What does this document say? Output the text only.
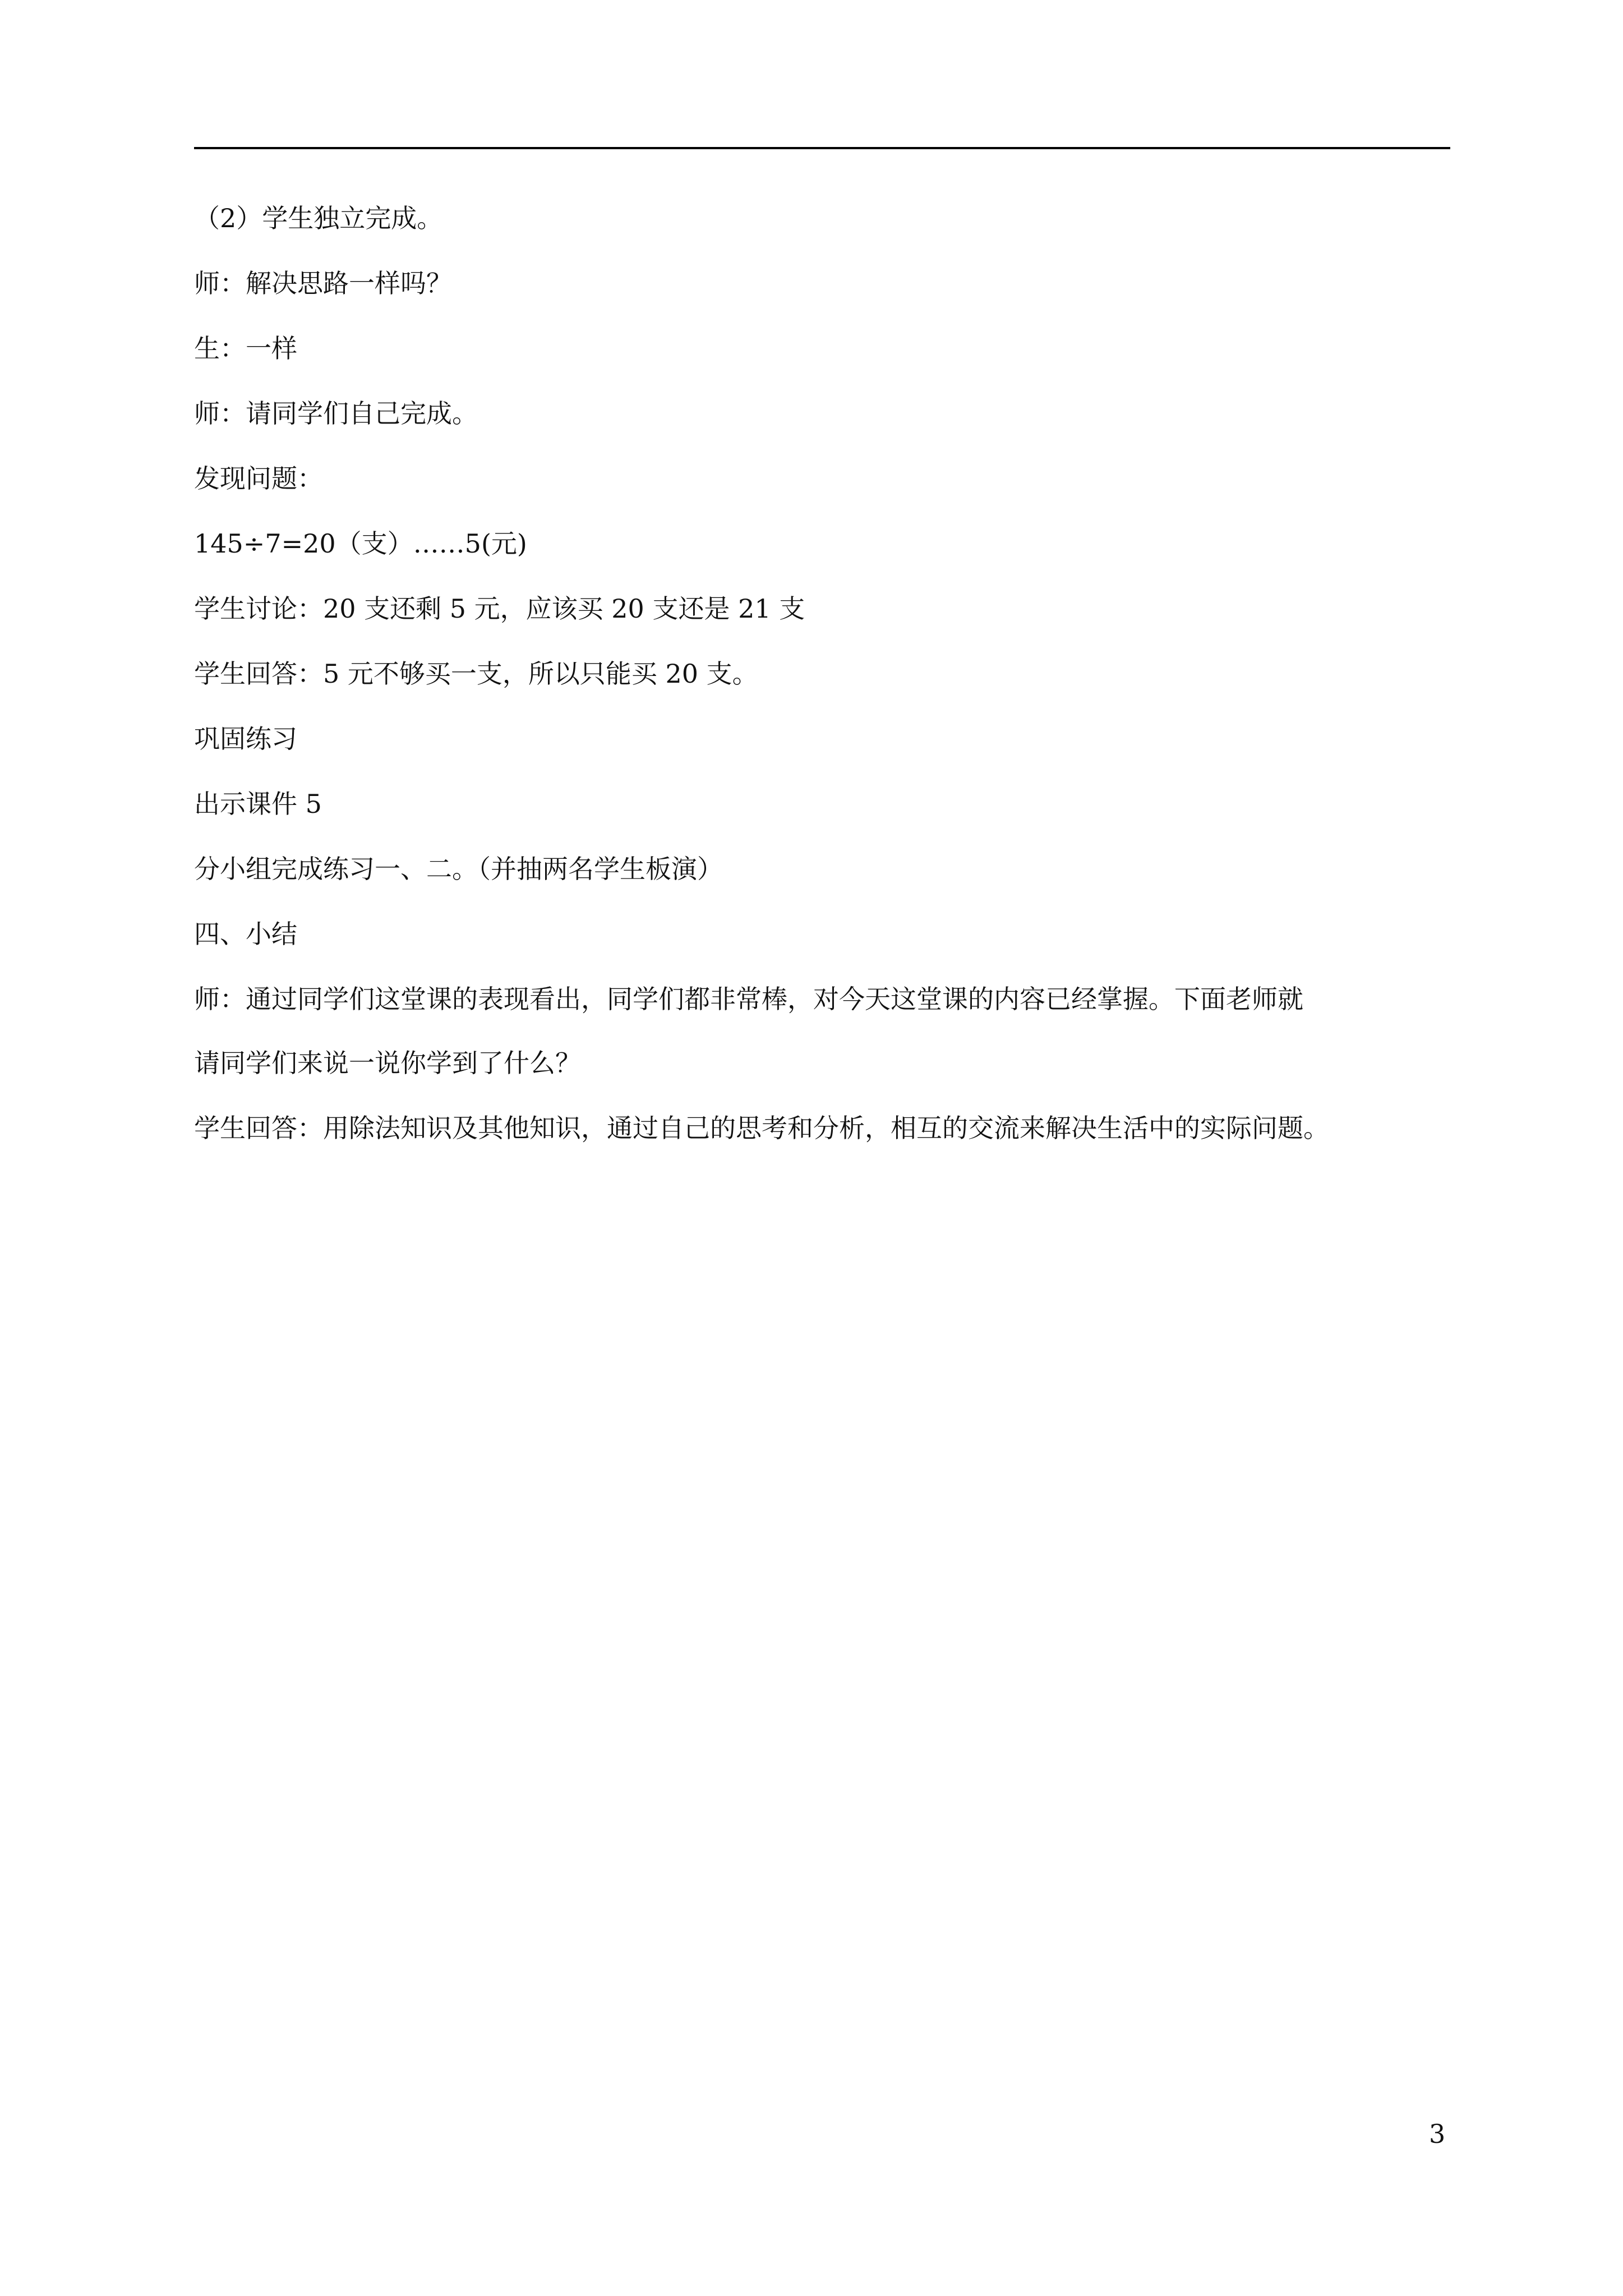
（2）学生独立完成。
师：解决思路一样吗？
生：一样
师：请同学们自己完成。
发现问题：
145÷7=20（支）……5(元)
学生讨论：20 支还剩 5 元，应该买 20 支还是 21 支
学生回答：5 元不够买一支，所以只能买 20 支。
巩固练习
出示课件 5
分小组完成练习一、二。（并抽两名学生板演）
四、小结
师：通过同学们这堂课的表现看出，同学们都非常棒，对今天这堂课的内容已经掌握。下面老师就
请同学们来说一说你学到了什么？
学生回答：用除法知识及其他知识，通过自己的思考和分析，相互的交流来解决生活中的实际问题。
3
